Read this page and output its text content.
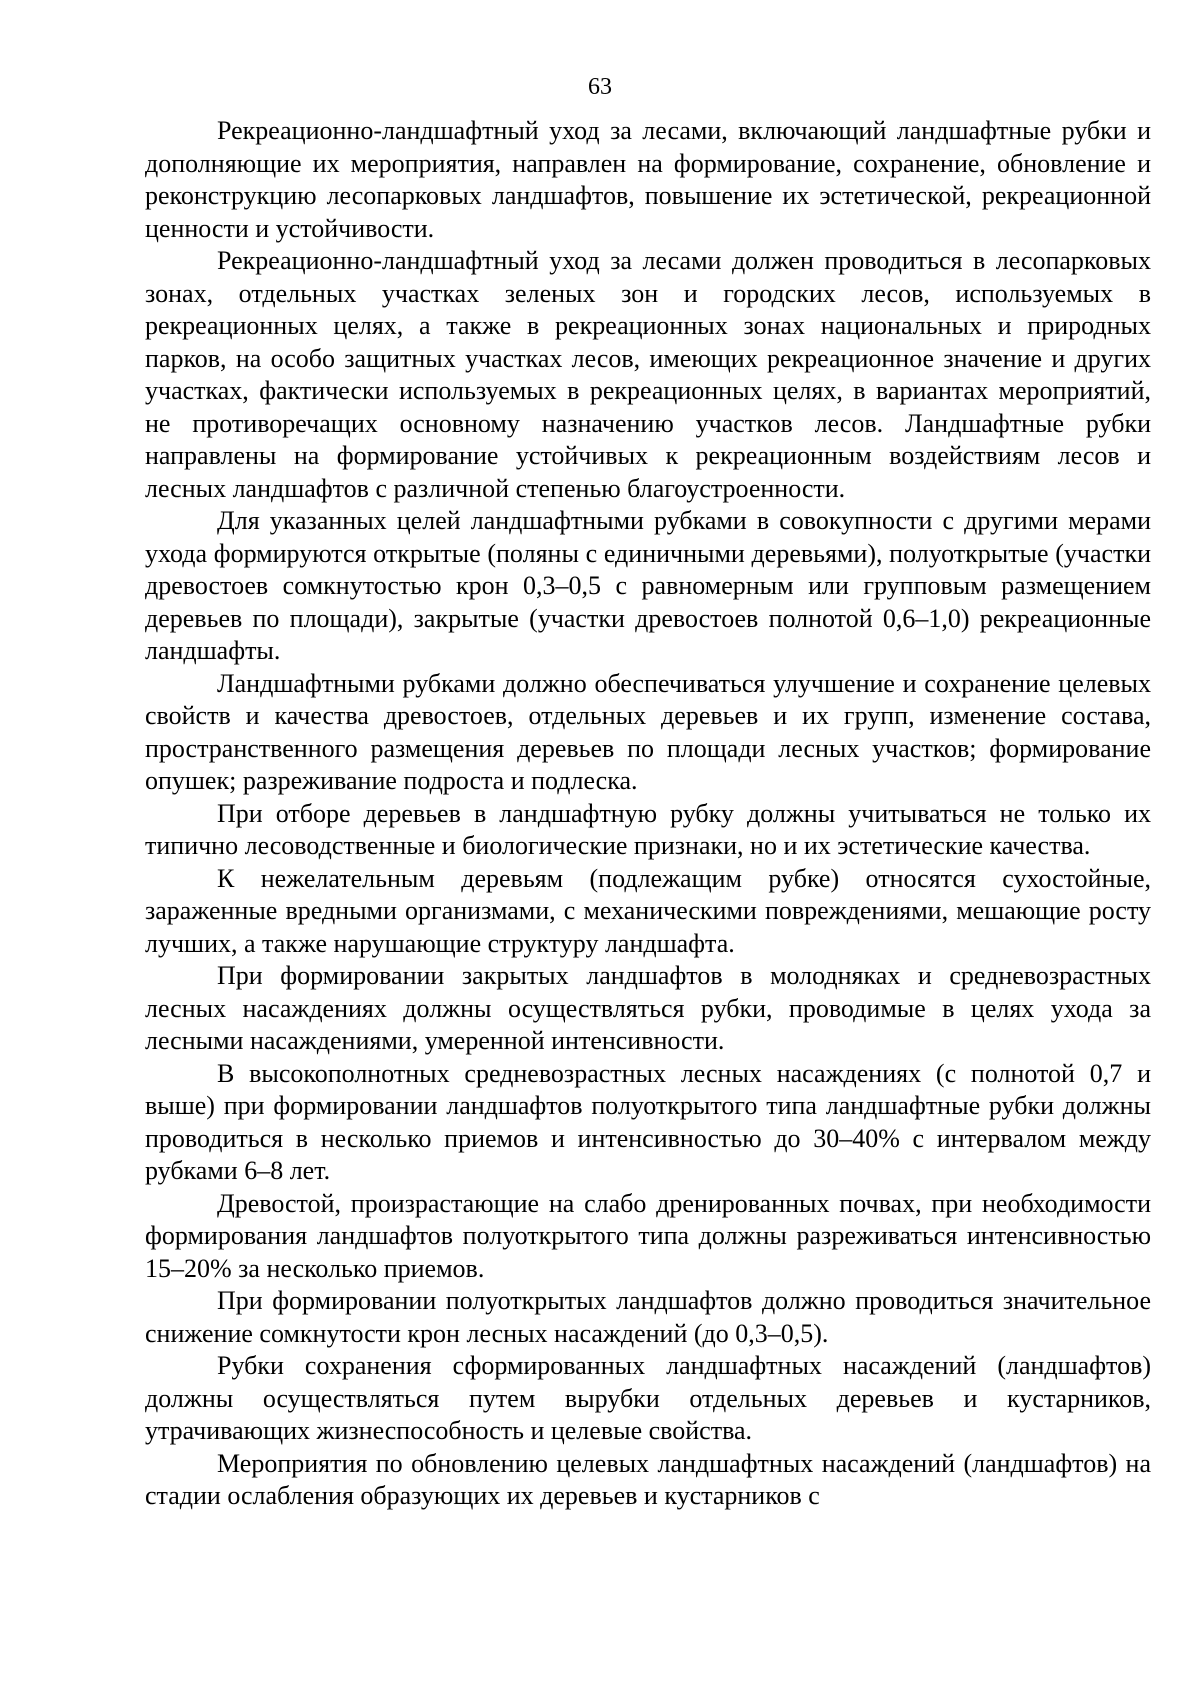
63

Рекреационно-ландшафтный уход за лесами, включающий ландшафтные рубки и дополняющие их мероприятия, направлен на формирование, сохранение, обновление и реконструкцию лесопарковых ландшафтов, повышение их эстетической, рекреационной ценности и устойчивости.

Рекреационно-ландшафтный уход за лесами должен проводиться в лесопарковых зонах, отдельных участках зеленых зон и городских лесов, используемых в рекреационных целях, а также в рекреационных зонах национальных и природных парков, на особо защитных участках лесов, имеющих рекреационное значение и других участках, фактически используемых в рекреационных целях, в вариантах мероприятий, не противоречащих основному назначению участков лесов. Ландшафтные рубки направлены на формирование устойчивых к рекреационным воздействиям лесов и лесных ландшафтов с различной степенью благоустроенности.

Для указанных целей ландшафтными рубками в совокупности с другими мерами ухода формируются открытые (поляны с единичными деревьями), полуоткрытые (участки древостоев сомкнутостью крон 0,3–0,5 с равномерным или групповым размещением деревьев по площади), закрытые (участки древостоев полнотой 0,6–1,0) рекреационные ландшафты.

Ландшафтными рубками должно обеспечиваться улучшение и сохранение целевых свойств и качества древостоев, отдельных деревьев и их групп, изменение состава, пространственного размещения деревьев по площади лесных участков; формирование опушек; разреживание подроста и подлеска.

При отборе деревьев в ландшафтную рубку должны учитываться не только их типично лесоводственные и биологические признаки, но и их эстетические качества.

К нежелательным деревьям (подлежащим рубке) относятся сухостойные, зараженные вредными организмами, с механическими повреждениями, мешающие росту лучших, а также нарушающие структуру ландшафта.

При формировании закрытых ландшафтов в молодняках и средневозрастных лесных насаждениях должны осуществляться рубки, проводимые в целях ухода за лесными насаждениями, умеренной интенсивности.

В высокополнотных средневозрастных лесных насаждениях (с полнотой 0,7 и выше) при формировании ландшафтов полуоткрытого типа ландшафтные рубки должны проводиться в несколько приемов и интенсивностью до 30–40% с интервалом между рубками 6–8 лет.

Древостой, произрастающие на слабо дренированных почвах, при необходимости формирования ландшафтов полуоткрытого типа должны разреживаться интенсивностью 15–20% за несколько приемов.

При формировании полуоткрытых ландшафтов должно проводиться значительное снижение сомкнутости крон лесных насаждений (до 0,3–0,5).

Рубки сохранения сформированных ландшафтных насаждений (ландшафтов) должны осуществляться путем вырубки отдельных деревьев и кустарников, утрачивающих жизнеспособность и целевые свойства.

Мероприятия по обновлению целевых ландшафтных насаждений (ландшафтов) на стадии ослабления образующих их деревьев и кустарников с
